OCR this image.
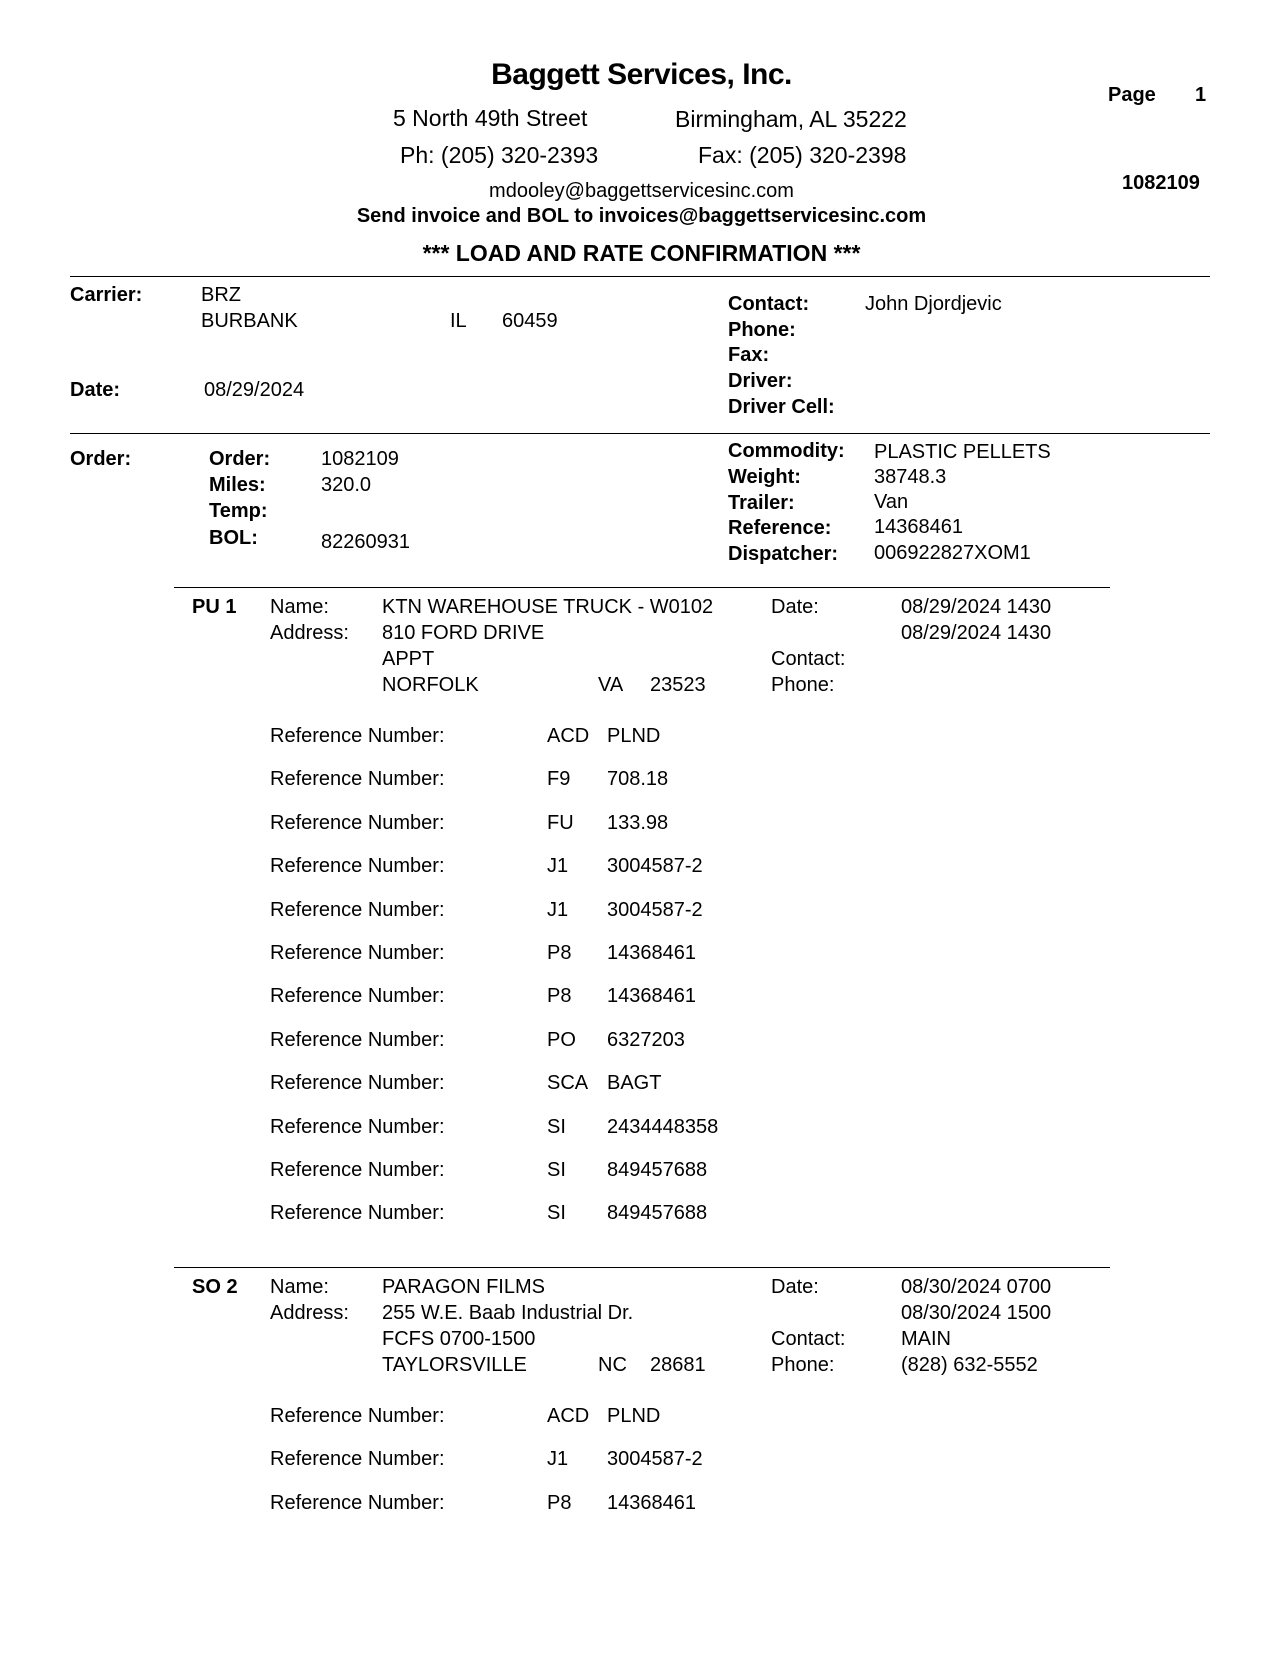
Baggett Services, Inc.
5 North 49th Street	Birmingham, AL 35222
Ph: (205) 320-2393	Fax: (205) 320-2398
mdooley@baggettservicesinc.com
Send invoice and BOL to invoices@baggettservicesinc.com
*** LOAD AND RATE CONFIRMATION ***
Page 1
1082109
Carrier:	BRZ
BURBANK	IL 60459
Date:	08/29/2024
Contact:	John Djordjevic
Phone:
Fax:
Driver:
Driver Cell:
Order:	Order:	1082109
Miles:	320.0
Temp:
BOL:	82260931
Commodity: PLASTIC PELLETS
Weight:	38748.3
Trailer:	Van
Reference: 14368461
Dispatcher: 006922827XOM1
PU 1 Name:	KTN WAREHOUSE TRUCK - W0102
Address: 810 FORD DRIVE
APPT
NORFOLK	VA 23523
Date:	08/29/2024 1430
08/29/2024 1430
Contact:
Phone:
Reference Number:	ACD PLND
Reference Number:	F9 708.18
Reference Number:	FU 133.98
Reference Number:	J1 3004587-2
Reference Number:	J1 3004587-2
Reference Number:	P8 14368461
Reference Number:	P8 14368461
Reference Number:	PO 6327203
Reference Number:	SCA BAGT
Reference Number:	SI 2434448358
Reference Number:	SI 849457688
Reference Number:	SI 849457688
SO 2 Name:	PARAGON FILMS
Address: 255 W.E. Baab Industrial Dr.
FCFS 0700-1500
TAYLORSVILLE	NC 28681
Date:	08/30/2024 0700
08/30/2024 1500
Contact:	MAIN
Phone:	(828) 632-5552
Reference Number:	ACD PLND
Reference Number:	J1 3004587-2
Reference Number:	P8 14368461
